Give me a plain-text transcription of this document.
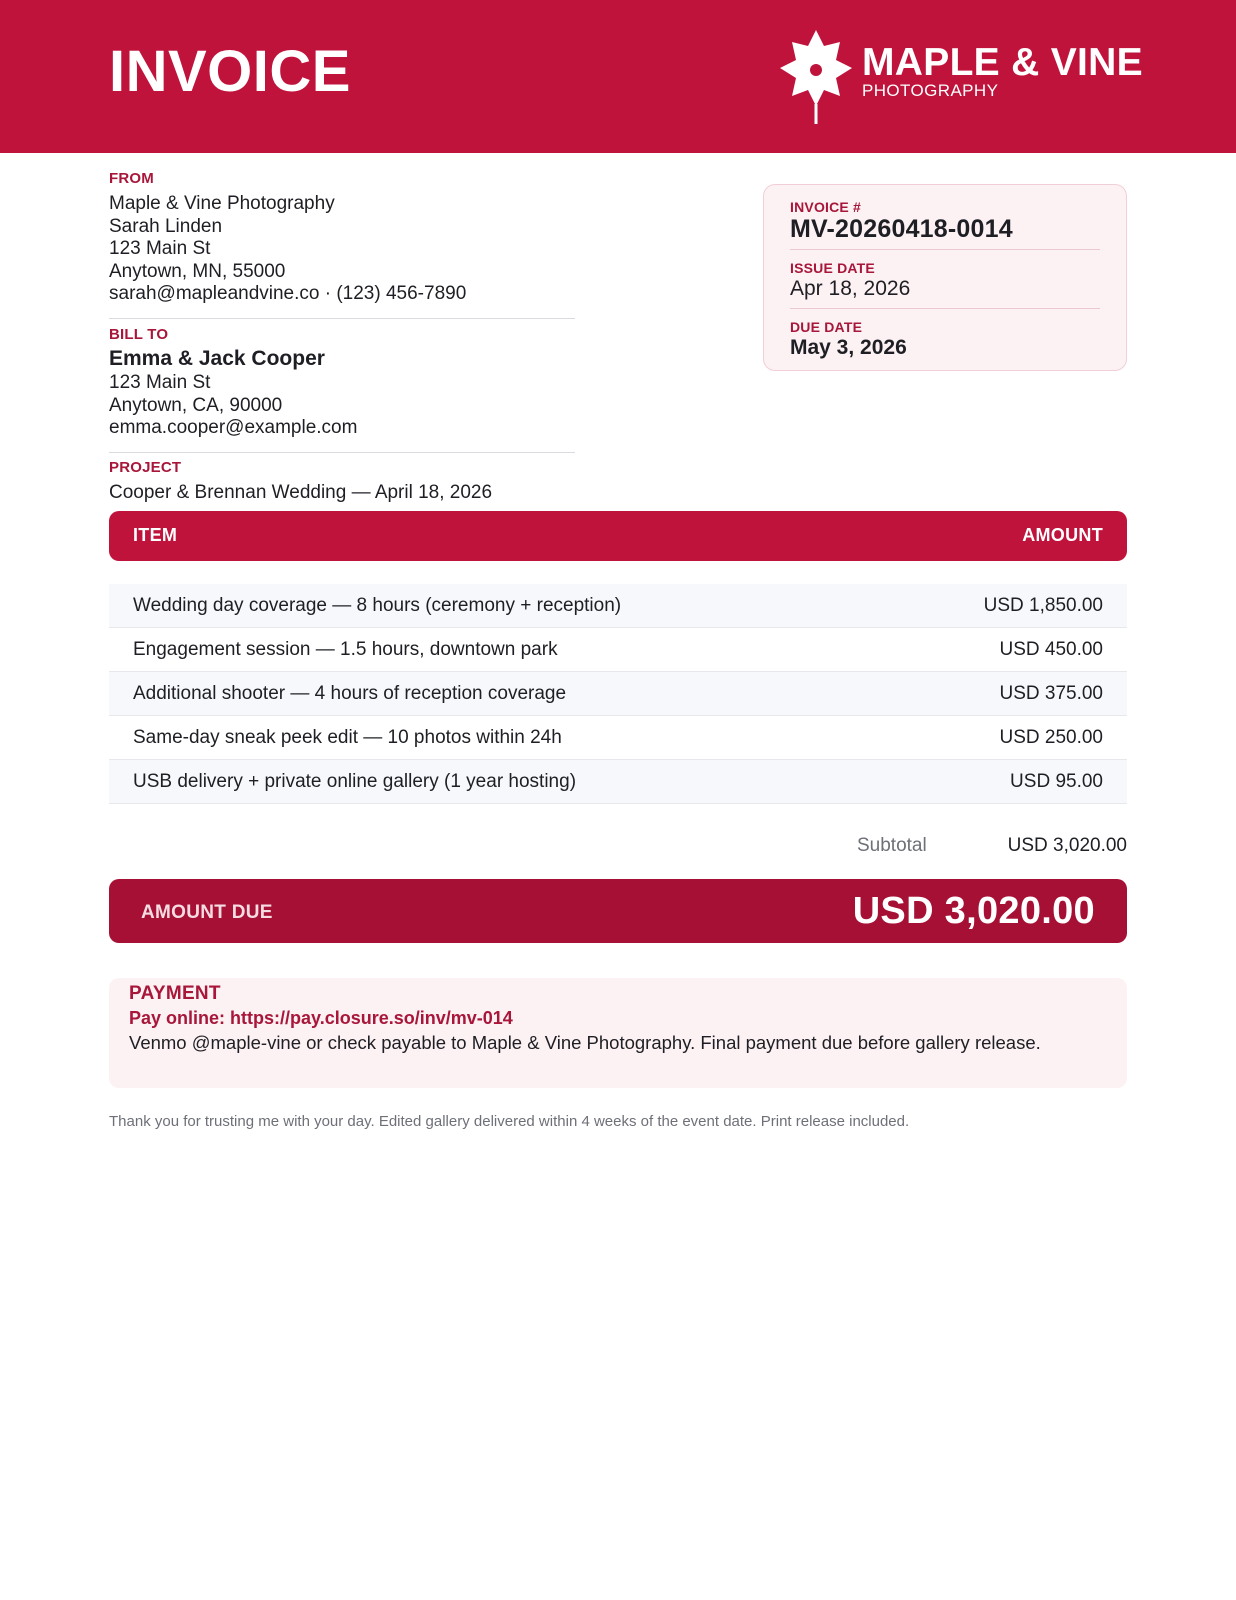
INVOICE	MAPLE & VINE
PHOTOGRAPHY
FROM
Maple & Vine Photography
Sarah Linden
123 Main St
Anytown, MN, 55000
sarah@mapleandvine.co · (123) 456-7890
BILL TO
Emma & Jack Cooper
123 Main St
Anytown, CA, 90000
emma.cooper@example.com
PROJECT
Cooper & Brennan Wedding — April 18, 2026
INVOICE #
MV-20260418-0014
ISSUE DATE
Apr 18, 2026
DUE DATE
May 3, 2026
ITEM	AMOUNT
Wedding day coverage — 8 hours (ceremony + reception)	USD 1,850.00
Engagement session — 1.5 hours, downtown park	USD 450.00
Additional shooter — 4 hours of reception coverage	USD 375.00
Same-day sneak peek edit — 10 photos within 24h	USD 250.00
USB delivery + private online gallery (1 year hosting)	USD 95.00
Subtotal	USD 3,020.00
AMOUNT DUE	USD 3,020.00
PAYMENT
Pay online: https://pay.closure.so/inv/mv-014
Venmo @maple-vine or check payable to Maple & Vine Photography. Final payment due before gallery release.
Thank you for trusting me with your day. Edited gallery delivered within 4 weeks of the event date. Print release included.
